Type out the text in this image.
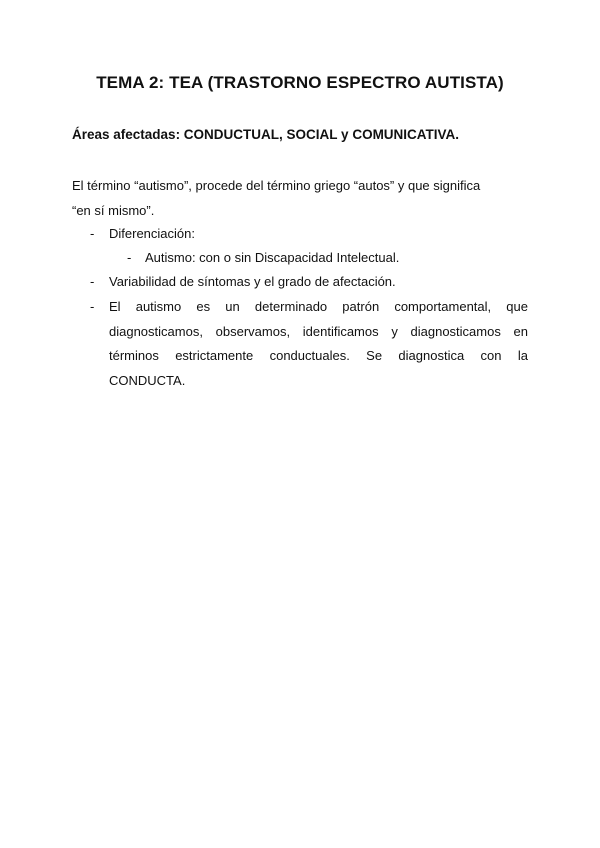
TEMA 2: TEA (TRASTORNO ESPECTRO AUTISTA)
Áreas afectadas: CONDUCTUAL, SOCIAL y COMUNICATIVA.
El término “autismo”, procede del término griego “autos” y que significa
“en sí mismo”.
- Diferenciación:
- Autismo: con o sin Discapacidad Intelectual.
- Variabilidad de síntomas y el grado de afectación.
- El autismo es un determinado patrón comportamental, que diagnosticamos, observamos, identificamos y diagnosticamos en términos estrictamente conductuales. Se diagnostica con la CONDUCTA.
